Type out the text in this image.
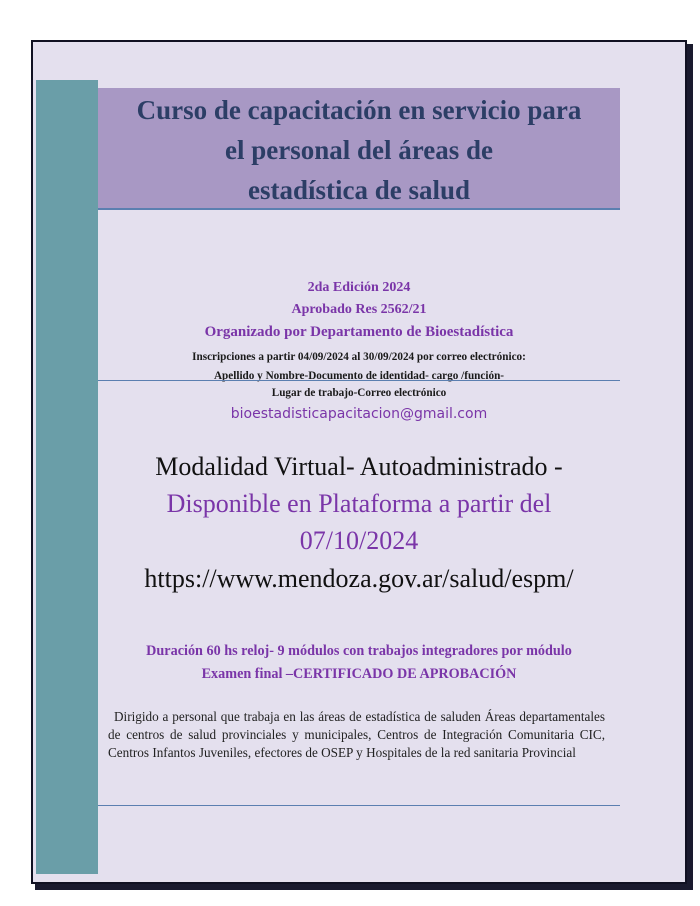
Curso de capacitación en servicio para
el personal del áreas de
estadística de salud
2da Edición 2024
Aprobado Res 2562/21
Organizado por Departamento de Bioestadística
Inscripciones a partir 04/09/2024 al 30/09/2024 por correo electrónico:
Apellido y Nombre-Documento de identidad- cargo /función-
Lugar de trabajo-Correo electrónico
bioestadisticapacitacion@gmail.com
Modalidad Virtual- Autoadministrado -
Disponible en Plataforma a partir del
07/10/2024
https://www.mendoza.gov.ar/salud/espm/
Duración 60 hs reloj- 9 módulos con trabajos integradores por módulo
Examen final –CERTIFICADO DE APROBACIÓN
Dirigido a personal que trabaja en las áreas de estadística de saluden Áreas departamentales de centros de salud provinciales y municipales, Centros de Integración Comunitaria CIC, Centros Infantos Juveniles, efectores de OSEP y Hospitales de la red sanitaria Provincial
